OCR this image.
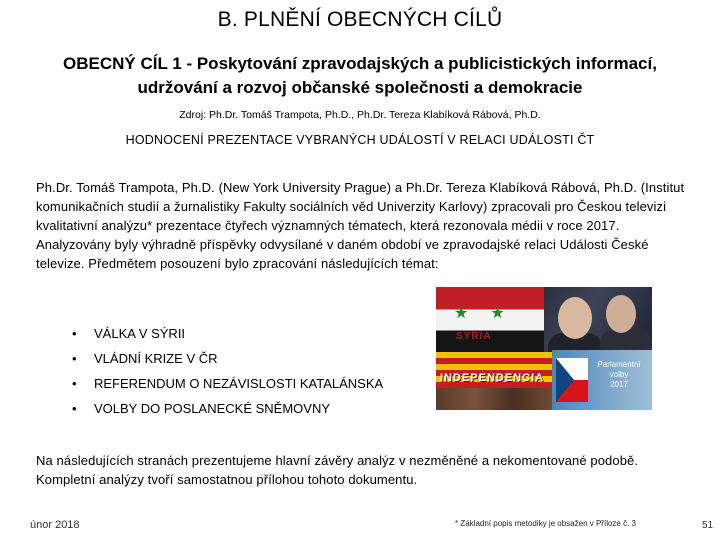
B. PLNĚNÍ OBECNÝCH CÍLŮ
OBECNÝ CÍL 1 - Poskytování zpravodajských a publicistických informací,
udržování a rozvoj občanské společnosti a demokracie
Zdroj: Ph.Dr. Tomáš Trampota, Ph.D., Ph.Dr. Tereza Klabíková Rábová, Ph.D.
HODNOCENÍ PREZENTACE VYBRANÝCH UDÁLOSTÍ V RELACI UDÁLOSTI ČT
Ph.Dr. Tomáš Trampota, Ph.D. (New York University Prague) a Ph.Dr. Tereza Klabíková Rábová, Ph.D. (Institut komunikačních studií a žurnalistiky Fakulty sociálních věd Univerzity Karlovy) zpracovali pro Českou televizi kvalitativní analýzu* prezentace čtyřech významných tématech, která rezonovala médii v roce 2017. Analyzovány byly výhradně příspěvky odvysílané v daném období ve zpravodajské relaci Události České televize. Předmětem posouzení bylo zpracování následujících témat:
• VÁLKA V SÝRII
• VLÁDNÍ KRIZE V ČR
• REFERENDUM O NEZÁVISLOSTI KATALÁNSKA
• VOLBY DO POSLANECKÉ SNĚMOVNY
★★
SYRIA
INDEPENDENCIA
Parlamentní
volby
2017
Na následujících stranách prezentujeme hlavní závěry analýz v nezměněné a nekomentované podobě. Kompletní analýzy tvoří samostatnou přílohou tohoto dokumentu.
únor 2018	* Základní popis metodiky je obsažen v Příloze č. 3	51
